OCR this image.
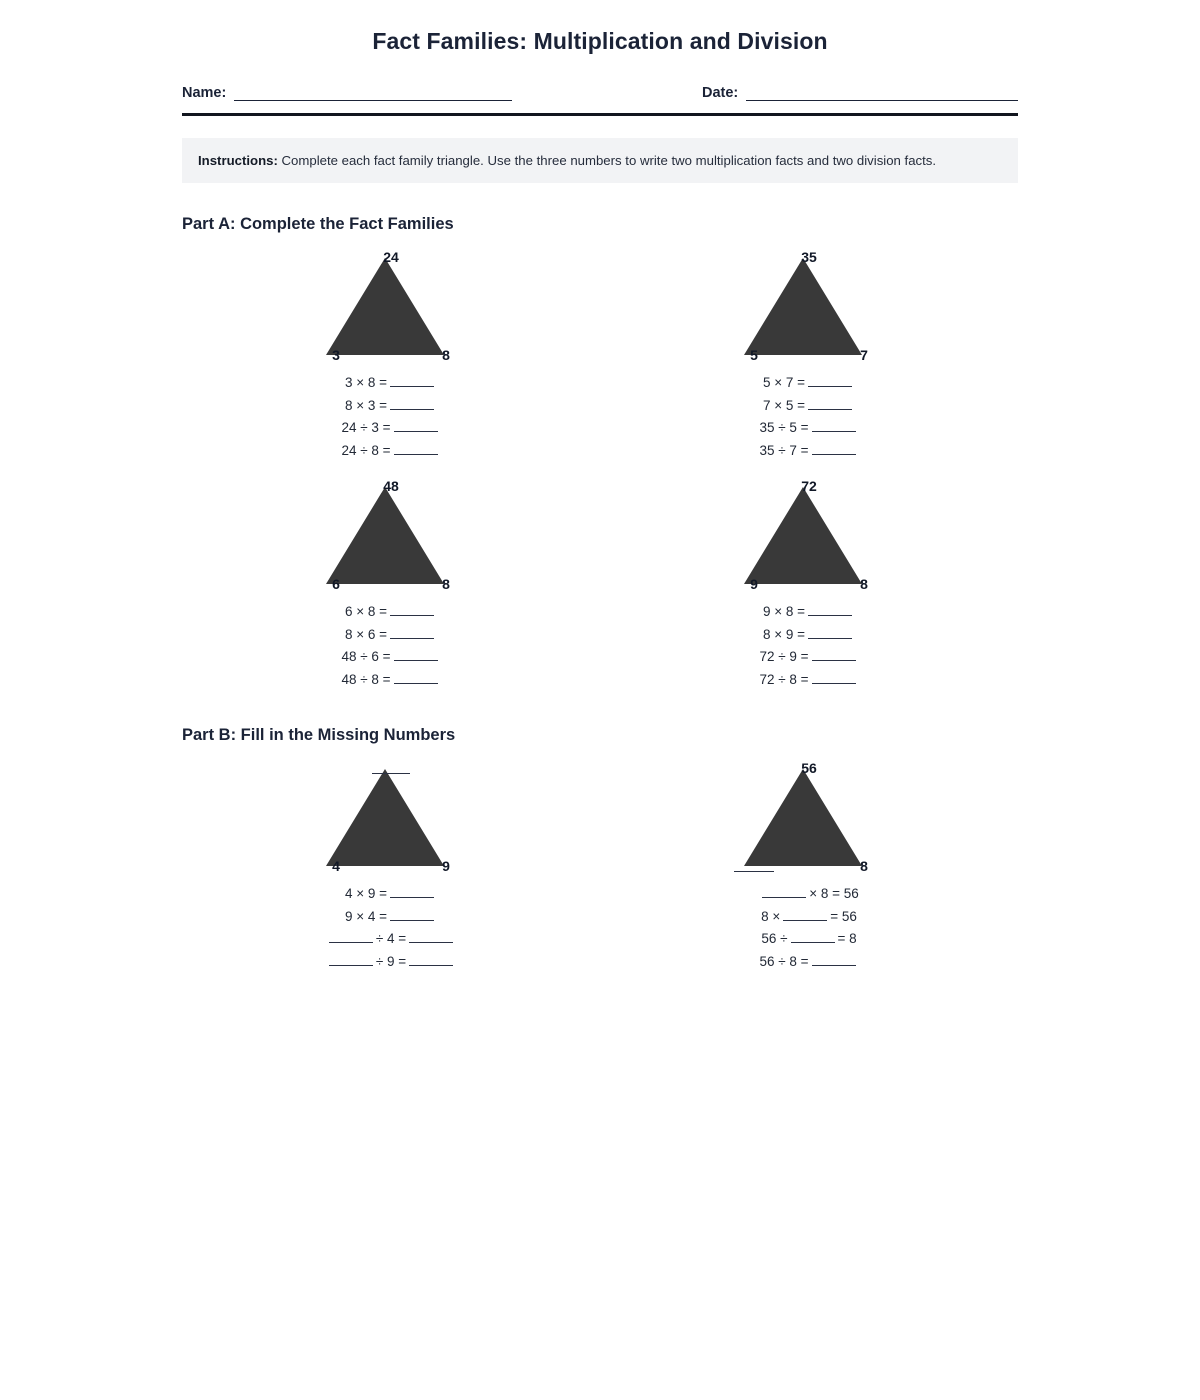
Fact Families: Multiplication and Division
Name:	Date:
Instructions: Complete each fact family triangle. Use the three numbers to write two multiplication facts and two division facts.
Part A: Complete the Fact Families
24
3	8
3 × 8 =
8 × 3 =
24 ÷ 3 =
24 ÷ 8 =
35
5	7
5 × 7 =
7 × 5 =
35 ÷ 5 =
35 ÷ 7 =
48
6	8
6 × 8 =
8 × 6 =
48 ÷ 6 =
48 ÷ 8 =
72
9	8
9 × 8 =
8 × 9 =
72 ÷ 9 =
72 ÷ 8 =
Part B: Fill in the Missing Numbers
4	9
4 × 9 =
9 × 4 =
÷ 4 =
÷ 9 =
56
8
× 8 = 56
8 ×	= 56
56 ÷	= 8
56 ÷ 8 =
